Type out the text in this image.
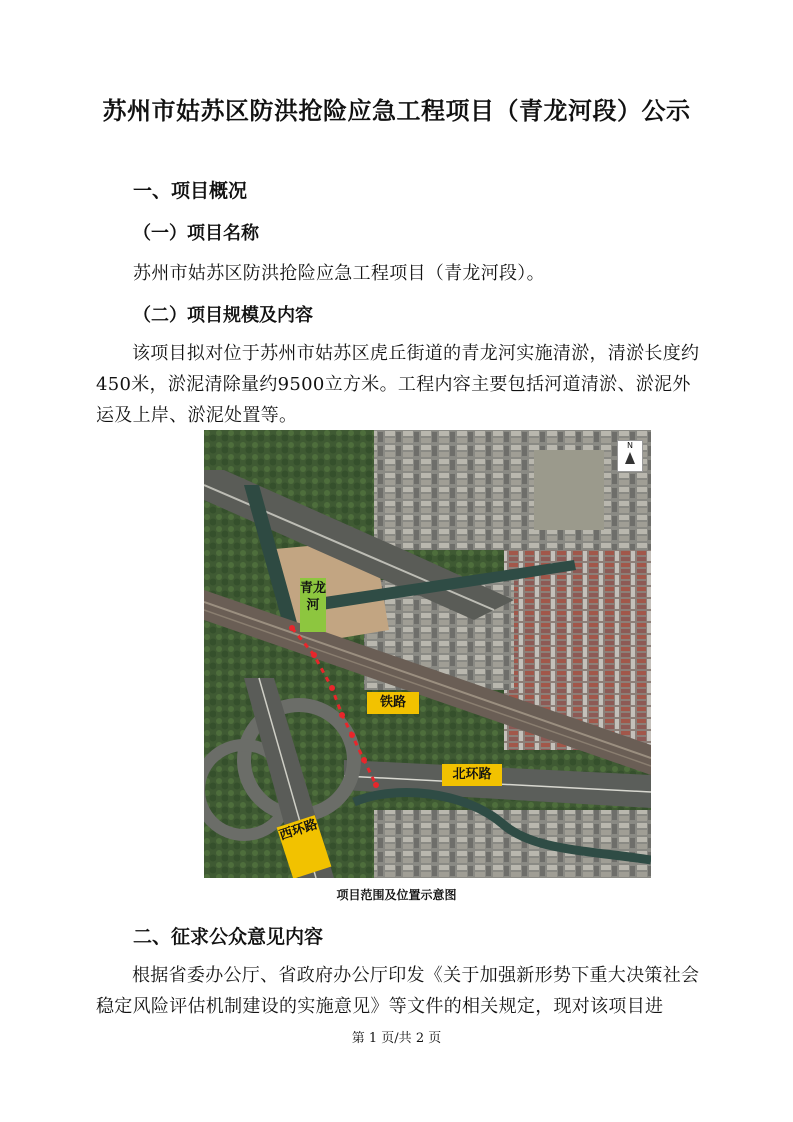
苏州市姑苏区防洪抢险应急工程项目（青龙河段）公示
一、项目概况
（一）项目名称
苏州市姑苏区防洪抢险应急工程项目（青龙河段）。
（二）项目规模及内容
该项目拟对位于苏州市姑苏区虎丘街道的青龙河实施清淤，清淤长度约450米，淤泥清除量约9500立方米。工程内容主要包括河道清淤、淤泥外运及上岸、淤泥处置等。
N
青龙河
铁路
北环路
西环路
项目范围及位置示意图
二、征求公众意见内容
根据省委办公厅、省政府办公厅印发《关于加强新形势下重大决策社会稳定风险评估机制建设的实施意见》等文件的相关规定，现对该项目进
第 1 页/共 2 页
